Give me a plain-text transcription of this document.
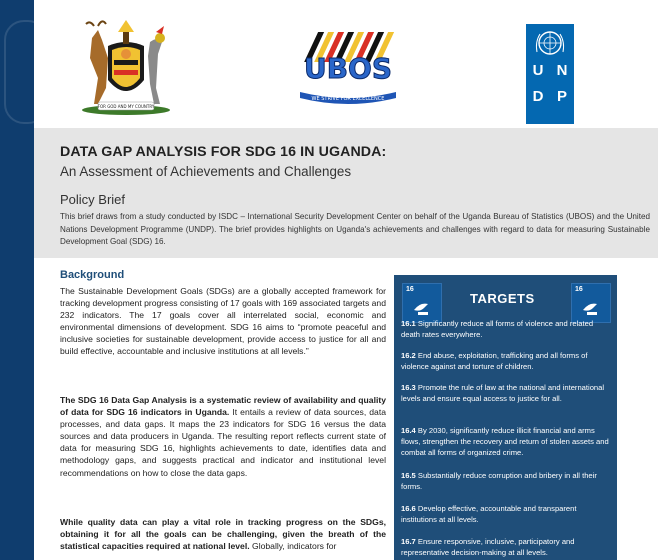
FOR GOD AND MY COUNTRY
UBOS
WE STRIVE FOR EXCELLENCE
U N
D P
DATA GAP ANALYSIS FOR SDG 16 IN UGANDA:
An Assessment of Achievements and Challenges
Policy Brief
This brief draws from a study conducted by ISDC – International Security Development Center on behalf of the Uganda Bureau of Statistics (UBOS) and the United Nations Development Programme (UNDP). The brief provides highlights on Uganda's achievements and challenges with regard to data for measuring Sustainable Development Goal (SDG) 16.
Background
The Sustainable Development Goals (SDGs) are a globally accepted framework for tracking development progress consisting of 17 goals with 169 associated targets and 232 indicators. The 17 goals cover all interrelated social, economic and environmental dimensions of development. SDG 16 aims to “promote peaceful and inclusive societies for sustainable development, provide access to justice for all and build effective, accountable and inclusive institutions at all levels.”
The SDG 16 Data Gap Analysis is a systematic review of availability and quality of data for SDG 16 indicators in Uganda. It entails a review of data sources, data processes, and data gaps. It maps the 23 indicators for SDG 16 versus the data sources and data producers in Uganda. The resulting report reflects current state of data for measuring SDG 16, highlights achievements to date, identifies data and methodology gaps, and suggests practical and indicator and institutional level recommendations on how to close the data gaps.
While quality data can play a vital role in tracking progress on the SDGs, obtaining it for all the goals can be challenging, given the breath of the statistical capacities required at national level. Globally, indicators for
16
TARGETS
16
16.1 Significantly reduce all forms of violence and related death rates everywhere.
16.2 End abuse, exploitation, trafficking and all forms of violence against and torture of children.
16.3 Promote the rule of law at the national and international levels and ensure equal access to justice for all.
16.4 By 2030, significantly reduce illicit financial and arms flows, strengthen the recovery and return of stolen assets and combat all forms of organized crime.
16.5 Substantially reduce corruption and bribery in all their forms.
16.6 Develop effective, accountable and transparent institutions at all levels.
16.7 Ensure responsive, inclusive, participatory and representative decision-making at all levels.
